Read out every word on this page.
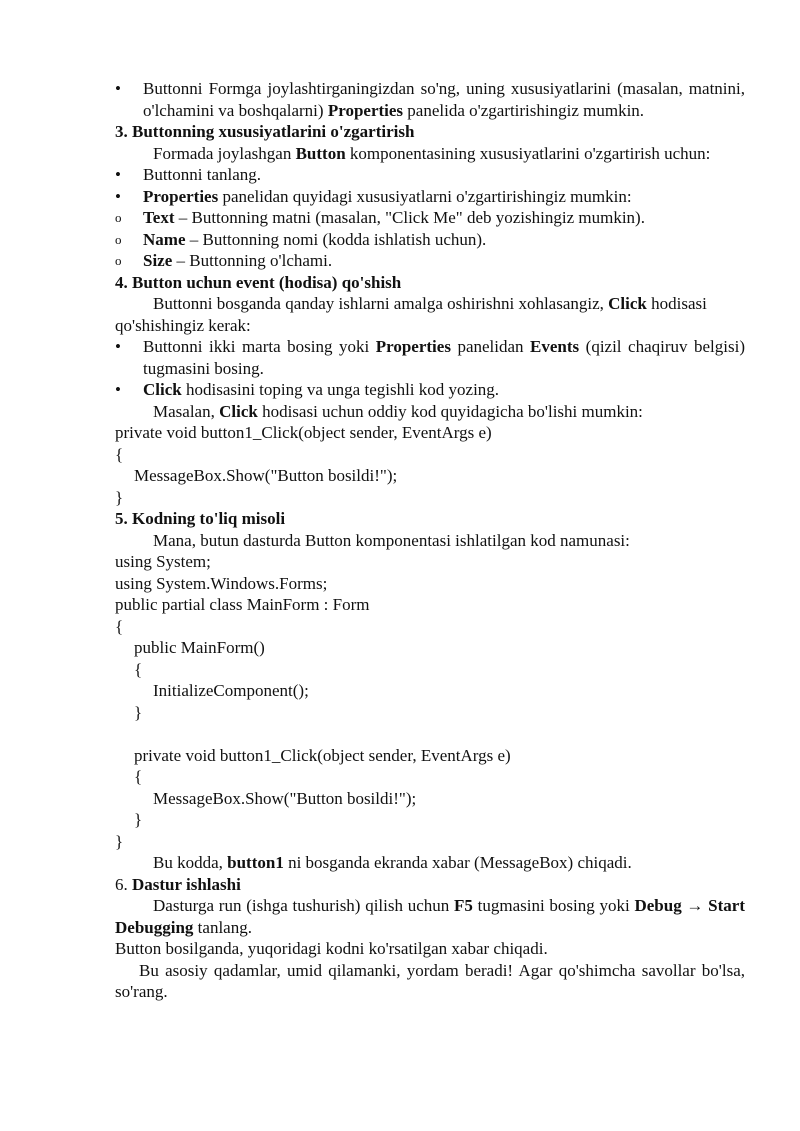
•	Buttonni Formga joylashtirganingizdan so'ng, uning xususiyatlarini (masalan, matnini, o'lchamini va boshqalarni) Properties panelida o'zgartirishingiz mumkin.

3. Buttonning xususiyatlarini o'zgartirish

Formada joylashgan Button komponentasining xususiyatlarini o'zgartirish uchun:

•	Buttonni tanlang.

•	Properties panelidan quyidagi xususiyatlarni o'zgartirishingiz mumkin:

o	Text – Buttonning matni (masalan, "Click Me" deb yozishingiz mumkin).

o	Name – Buttonning nomi (kodda ishlatish uchun).

o	Size – Buttonning o'lchami.

4. Button uchun event (hodisa) qo'shish

Buttonni bosganda qanday ishlarni amalga oshirishni xohlasangiz, Click hodisasi qo'shishingiz kerak:

•	Buttonni ikki marta bosing yoki Properties panelidan Events (qizil chaqiruv belgisi) tugmasini bosing.

•	Click hodisasini toping va unga tegishli kod yozing.

Masalan, Click hodisasi uchun oddiy kod quyidagicha bo'lishi mumkin:

private void button1_Click(object sender, EventArgs e)

{

MessageBox.Show("Button bosildi!");

}

5. Kodning to'liq misoli

Mana, butun dasturda Button komponentasi ishlatilgan kod namunasi:

using System;

using System.Windows.Forms;

public partial class MainForm : Form

{

public MainForm()

{

InitializeComponent();

}

private void button1_Click(object sender, EventArgs e)

{

MessageBox.Show("Button bosildi!");

}

}

Bu kodda, button1 ni bosganda ekranda xabar (MessageBox) chiqadi.

6. Dastur ishlashi

Dasturga run (ishga tushurish) qilish uchun F5 tugmasini bosing yoki Debug → Start Debugging tanlang.

Button bosilganda, yuqoridagi kodni ko'rsatilgan xabar chiqadi.

Bu asosiy qadamlar, umid qilamanki, yordam beradi! Agar qo'shimcha savollar bo'lsa, so'rang.
